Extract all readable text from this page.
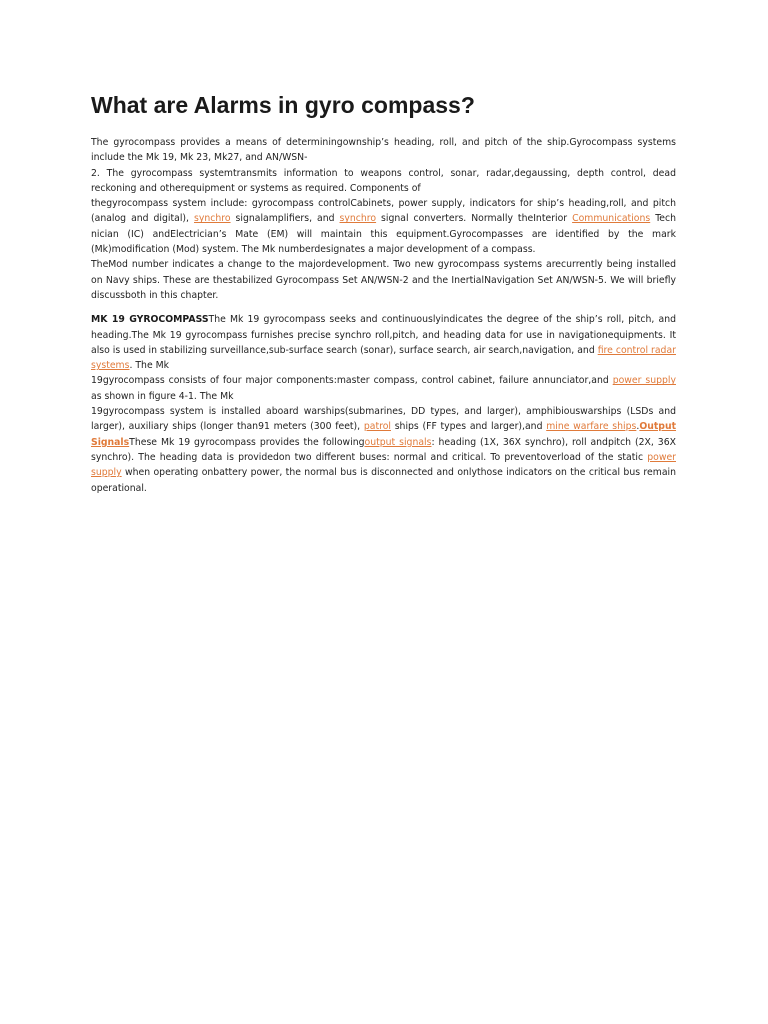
What are Alarms in gyro compass?

The gyrocompass provides a means of determiningownship’s heading, roll, and pitch of the ship.Gyrocompass systems include the Mk 19, Mk 23, Mk27, and AN/WSN-

2. The gyrocompass systemtransmits information to weapons control, sonar, radar,degaussing, depth control, dead reckoning and otherequipment or systems as required. Components of

thegyrocompass system include: gyrocompass controlCabinets, power supply, indicators for ship’s heading,roll, and pitch (analog and digital), synchro signalamplifiers, and synchro signal converters. Normally theInterior Communications Tech nician (IC) andElectrician’s Mate (EM) will maintain this equipment.Gyrocompasses are identified by the mark (Mk)modification (Mod) system. The Mk numberdesignates a major development of a compass.

TheMod number indicates a change to the majordevelopment. Two new gyrocompass systems arecurrently being installed on Navy ships. These are thestabilized Gyrocompass Set AN/WSN-2 and the InertialNavigation Set AN/WSN-5. We will briefly discussboth in this chapter.

MK 19 GYROCOMPASSThe Mk 19 gyrocompass seeks and continuouslyindicates the degree of the ship’s roll, pitch, and heading.The Mk 19 gyrocompass furnishes precise synchro roll,pitch, and heading data for use in navigationequipments. It also is used in stabilizing surveillance,sub-surface search (sonar), surface search, air search,navigation, and fire control radar systems. The Mk

19gyrocompass consists of four major components:master compass, control cabinet, failure annunciator,and power supply as shown in figure 4-1. The Mk

19gyrocompass system is installed aboard warships(submarines, DD types, and larger), amphibiouswarships (LSDs and larger), auxiliary ships (longer than91 meters (300 feet), patrol ships (FF types and larger),and mine warfare ships.Output SignalsThese Mk 19 gyrocompass provides the followingoutput signals: heading (1X, 36X synchro), roll andpitch (2X, 36X synchro). The heading data is providedon two different buses: normal and critical. To preventoverload of the static power supply when operating onbattery power, the normal bus is disconnected and onlythose indicators on the critical bus remain operational.
